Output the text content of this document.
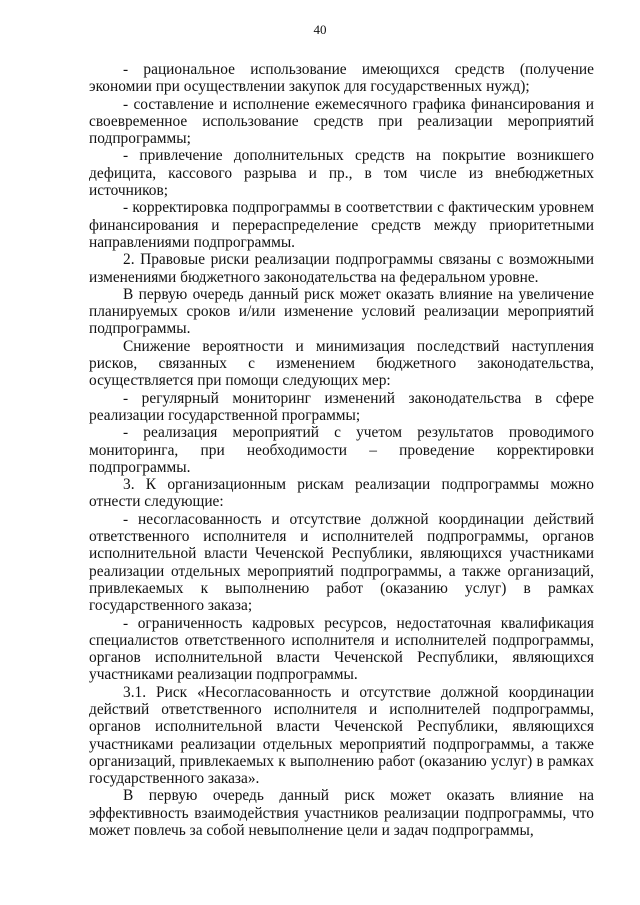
40

- рациональное использование имеющихся средств (получение экономии при осуществлении закупок для государственных нужд);

- составление и исполнение ежемесячного графика финансирования и своевременное использование средств при реализации мероприятий подпрограммы;

- привлечение дополнительных средств на покрытие возникшего дефицита, кассового разрыва и пр., в том числе из внебюджетных источников;

- корректировка подпрограммы в соответствии с фактическим уровнем финансирования и перераспределение средств между приоритетными направлениями подпрограммы.

2. Правовые риски реализации подпрограммы связаны с возможными изменениями бюджетного законодательства на федеральном уровне.

В первую очередь данный риск может оказать влияние на увеличение планируемых сроков и/или изменение условий реализации мероприятий подпрограммы.

Снижение вероятности и минимизация последствий наступления рисков, связанных с изменением бюджетного законодательства, осуществляется при помощи следующих мер:

- регулярный мониторинг изменений законодательства в сфере реализации государственной программы;

- реализация мероприятий с учетом результатов проводимого мониторинга, при необходимости – проведение корректировки подпрограммы.

3. К организационным рискам реализации подпрограммы можно отнести следующие:

- несогласованность и отсутствие должной координации действий ответственного исполнителя и исполнителей подпрограммы, органов исполнительной власти Чеченской Республики, являющихся участниками реализации отдельных мероприятий подпрограммы, а также организаций, привлекаемых к выполнению работ (оказанию услуг) в рамках государственного заказа;

- ограниченность кадровых ресурсов, недостаточная квалификация специалистов ответственного исполнителя и исполнителей подпрограммы, органов исполнительной власти Чеченской Республики, являющихся участниками реализации подпрограммы.

3.1. Риск «Несогласованность и отсутствие должной координации действий ответственного исполнителя и исполнителей подпрограммы, органов исполнительной власти Чеченской Республики, являющихся участниками реализации отдельных мероприятий подпрограммы, а также организаций, привлекаемых к выполнению работ (оказанию услуг) в рамках государственного заказа».

В первую очередь данный риск может оказать влияние на эффективность взаимодействия участников реализации подпрограммы, что может повлечь за собой невыполнение цели и задач подпрограммы,
